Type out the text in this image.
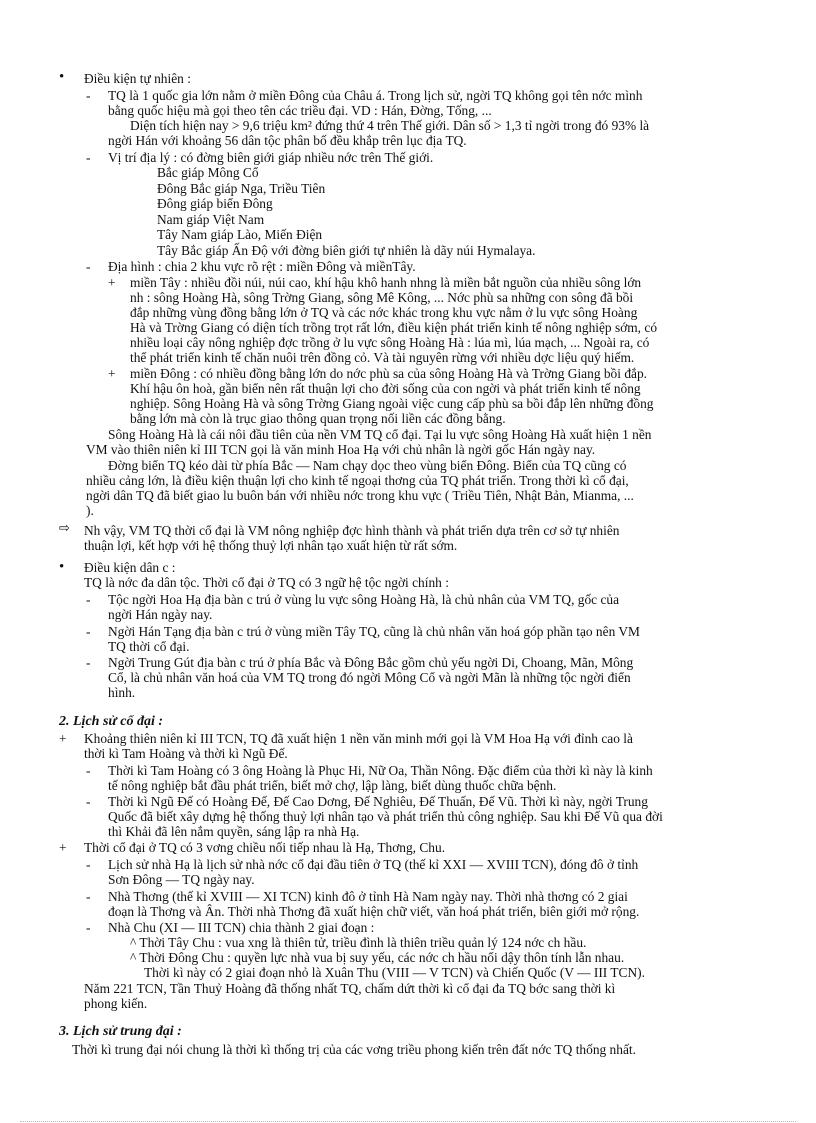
• Điều kiện tự nhiên :
- TQ là 1 quốc gia lớn nằm ở miền Đông của Châu á. Trong lịch sử, ngời TQ không gọi tên nớc mình
bằng quốc hiệu mà gọi theo tên các triều đại. VD : Hán, Đờng, Tống, ...
Diện tích hiện nay > 9,6 triệu km² đứng thứ 4 trên Thế giới. Dân số > 1,3 tỉ ngời trong đó 93% là
ngời Hán với khoảng 56 dân tộc phân bố đều khắp trên lục địa TQ.
- Vị trí địa lý : có đờng biên giới giáp nhiều nớc trên Thế giới.
Bắc giáp Mông Cổ
Đông Bắc giáp Nga, Triều Tiên
Đông giáp biển Đông
Nam giáp Việt Nam
Tây Nam giáp Lào, Miến Điện
Tây Bắc giáp Ấn Độ với đờng biên giới tự nhiên là dãy núi Hymalaya.
- Địa hình : chia 2 khu vực rõ rệt : miền Đông và miềnTây.
+ miền Tây : nhiều đồi núi, núi cao, khí hậu khô hanh nhng là miền bắt nguồn của nhiều sông lớn
nh : sông Hoàng Hà, sông Trờng Giang, sông Mê Kông, ... Nớc phù sa những con sông đã bồi
đắp những vùng đồng bằng lớn ở TQ và các nớc khác trong khu vực nằm ở lu vực sông Hoàng
Hà và Trờng Giang có diện tích trồng trọt rất lớn, điều kiện phát triển kinh tế nông nghiệp sớm, có
nhiều loại cây nông nghiệp đợc trồng ở lu vực sông Hoàng Hà : lúa mì, lúa mạch, ... Ngoài ra, có
thể phát triển kinh tế chăn nuôi trên đồng cỏ. Và tài nguyên rừng với nhiều dợc liệu quý hiếm.
+ miền Đông : có nhiều đồng bằng lớn do nớc phù sa của sông Hoàng Hà và Trờng Giang bồi đắp.
Khí hậu ôn hoà, gần biển nên rất thuận lợi cho đời sống của con ngời và phát triển kinh tế nông
nghiệp. Sông Hoàng Hà và sông Trờng Giang ngoài việc cung cấp phù sa bồi đắp lên những đồng
bằng lớn mà còn là trục giao thông quan trọng nối liền các đồng bằng.
Sông Hoàng Hà là cái nôi đầu tiên của nền VM TQ cổ đại. Tại lu vực sông Hoàng Hà xuất hiện 1 nền
VM vào thiên niên kỉ III TCN gọi là văn minh Hoa Hạ với chủ nhân là ngời gốc Hán ngày nay.
Đờng biển TQ kéo dài từ phía Bắc — Nam chạy dọc theo vùng biển Đông. Biển của TQ cũng có
nhiều cảng lớn, là điều kiện thuận lợi cho kinh tế ngoại thơng của TQ phát triển. Trong thời kì cổ đại,
ngời dân TQ đã biết giao lu buôn bán với nhiều nớc trong khu vực ( Triều Tiên, Nhật Bản, Mianma, ...
).
⇨ Nh vậy, VM TQ thời cổ đại là VM nông nghiệp đợc hình thành và phát triển dựa trên cơ sở tự nhiên
thuận lợi, kết hợp với hệ thống thuỷ lợi nhân tạo xuất hiện từ rất sớm.
• Điều kiện dân c :
TQ là nớc đa dân tộc. Thời cổ đại ở TQ có 3 ngữ hệ tộc ngời chính :
- Tộc ngời Hoa Hạ địa bàn c trú ở vùng lu vực sông Hoàng Hà, là chủ nhân của VM TQ, gốc của
ngời Hán ngày nay.
- Ngời Hán Tạng địa bàn c trú ở vùng miền Tây TQ, cũng là chủ nhân văn hoá góp phần tạo nên VM
TQ thời cổ đại.
- Ngời Trung Gút địa bàn c trú ở phía Bắc và Đông Bắc gồm chủ yếu ngời Di, Choang, Mãn, Mông
Cổ, là chủ nhân văn hoá của VM TQ trong đó ngời Mông Cổ và ngời Mãn là những tộc ngời điển
hình.
2. Lịch sử cổ đại :
+ Khoảng thiên niên kỉ III TCN, TQ đã xuất hiện 1 nền văn minh mới gọi là VM Hoa Hạ với đỉnh cao là
thời kì Tam Hoàng và thời kì Ngũ Đế.
- Thời kì Tam Hoàng có 3 ông Hoàng là Phục Hi, Nữ Oa, Thần Nông. Đặc điểm của thời kì này là kinh
tế nông nghiệp bắt đầu phát triển, biết mở chợ, lập làng, biết dùng thuốc chữa bệnh.
- Thời kì Ngũ Đế có Hoàng Đế, Đế Cao Dơng, Đế Nghiêu, Đế Thuấn, Đế Vũ. Thời kì này, ngời Trung
Quốc đã biết xây dựng hệ thống thuỷ lợi nhân tạo và phát triển thủ công nghiệp. Sau khi Đế Vũ qua đời
thì Khải đã lên nắm quyền, sáng lập ra nhà Hạ.
+ Thời cổ đại ở TQ có 3 vơng chiều nối tiếp nhau là Hạ, Thơng, Chu.
- Lịch sử nhà Hạ là lịch sử nhà nớc cổ đại đầu tiên ở TQ (thế kỉ XXI — XVIII TCN), đóng đô ở tỉnh
Sơn Đông — TQ ngày nay.
- Nhà Thơng (thế kỉ XVIII — XI TCN) kinh đô ở tỉnh Hà Nam ngày nay. Thời nhà thơng có 2 giai
đoạn là Thơng và Ân. Thời nhà Thơng đã xuất hiện chữ viết, văn hoá phát triển, biên giới mở rộng.
- Nhà Chu (XI — III TCN) chia thành 2 giai đoạn :
^ Thời Tây Chu : vua xng là thiên tử, triều đình là thiên triều quản lý 124 nớc ch hầu.
^ Thời Đông Chu : quyền lực nhà vua bị suy yếu, các nớc ch hầu nổi dậy thôn tính lẫn nhau.
Thời kì này có 2 giai đoạn nhỏ là Xuân Thu (VIII — V TCN) và Chiến Quốc (V — III TCN).
Năm 221 TCN, Tần Thuỷ Hoàng đã thống nhất TQ, chấm dứt thời kì cổ đại đa TQ bớc sang thời kì
phong kiến.
3. Lịch sử trung đại :
Thời kì trung đại nói chung là thời kì thống trị của các vơng triều phong kiến trên đất nớc TQ thống nhất.
